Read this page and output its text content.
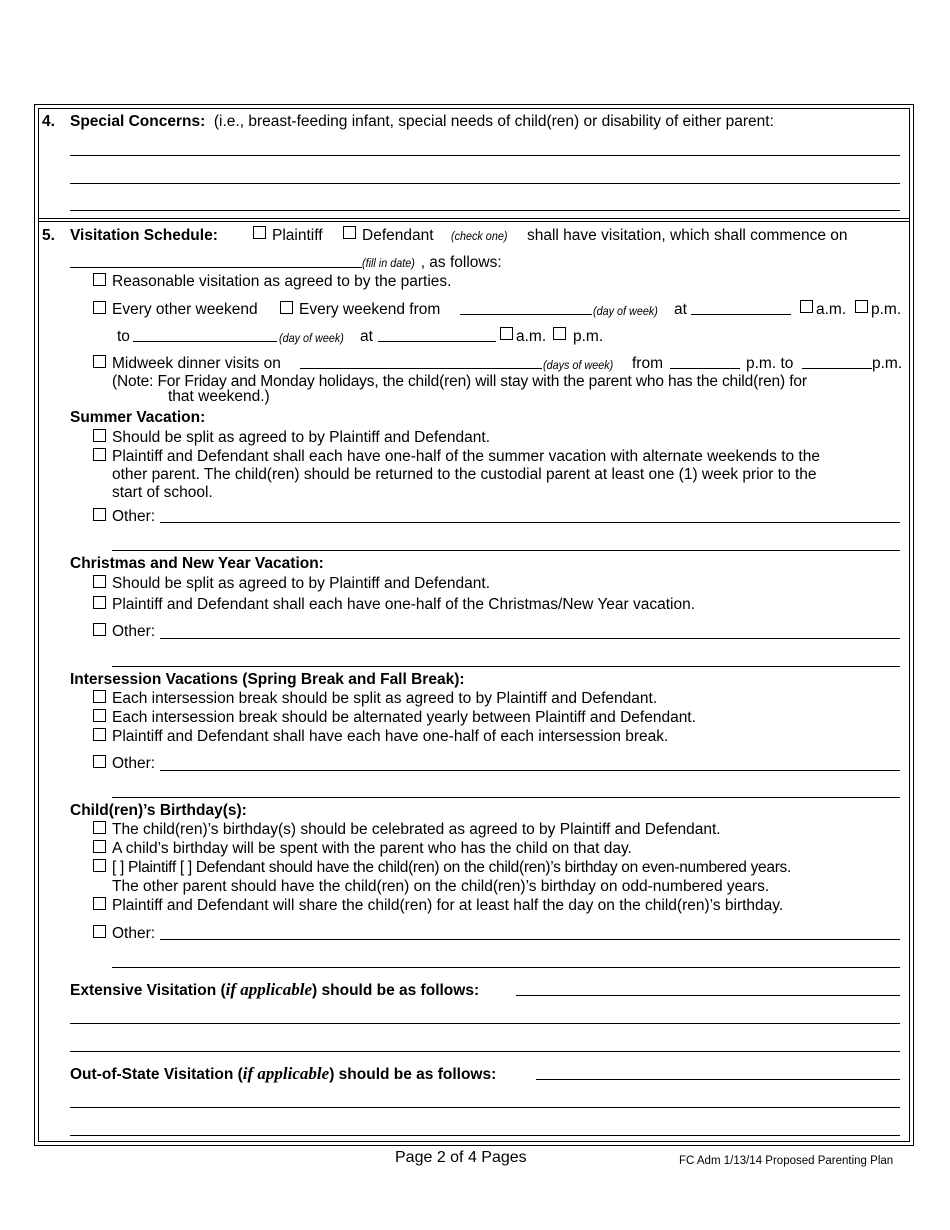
4. Special Concerns: (i.e., breast-feeding infant, special needs of child(ren) or disability of either parent:
5. Visitation Schedule:	Plaintiff	Defendant (check one)	shall have visitation, which shall commence on
(fill in date) , as follows:
Reasonable visitation as agreed to by the parties.
Every other weekend	Every weekend from	(day of week)	at	a.m. p.m.
to	(day of week)	at	a.m. p.m.
Midweek dinner visits on	(days of week)	from	p.m. to	p.m.
(Note: For Friday and Monday holidays, the child(ren) will stay with the parent who has the child(ren) for
that weekend.)
Summer Vacation:
Should be split as agreed to by Plaintiff and Defendant.
Plaintiff and Defendant shall each have one-half of the summer vacation with alternate weekends to the
other parent. The child(ren) should be returned to the custodial parent at least one (1) week prior to the
start of school.
Other:
Christmas and New Year Vacation:
Should be split as agreed to by Plaintiff and Defendant.
Plaintiff and Defendant shall each have one-half of the Christmas/New Year vacation.
Other:
Intersession Vacations (Spring Break and Fall Break):
Each intersession break should be split as agreed to by Plaintiff and Defendant.
Each intersession break should be alternated yearly between Plaintiff and Defendant.
Plaintiff and Defendant shall have each have one-half of each intersession break.
Other:
Child(ren)’s Birthday(s):
The child(ren)’s birthday(s) should be celebrated as agreed to by Plaintiff and Defendant.
A child’s birthday will be spent with the parent who has the child on that day.
[ ] Plaintiff [ ] Defendant should have the child(ren) on the child(ren)’s birthday on even-numbered years.
The other parent should have the child(ren) on the child(ren)’s birthday on odd-numbered years.
Plaintiff and Defendant will share the child(ren) for at least half the day on the child(ren)’s birthday.
Other:
Extensive Visitation (if applicable) should be as follows:
Out-of-State Visitation (if applicable) should be as follows:
Page 2 of 4 Pages	FC Adm 1/13/14 Proposed Parenting Plan
